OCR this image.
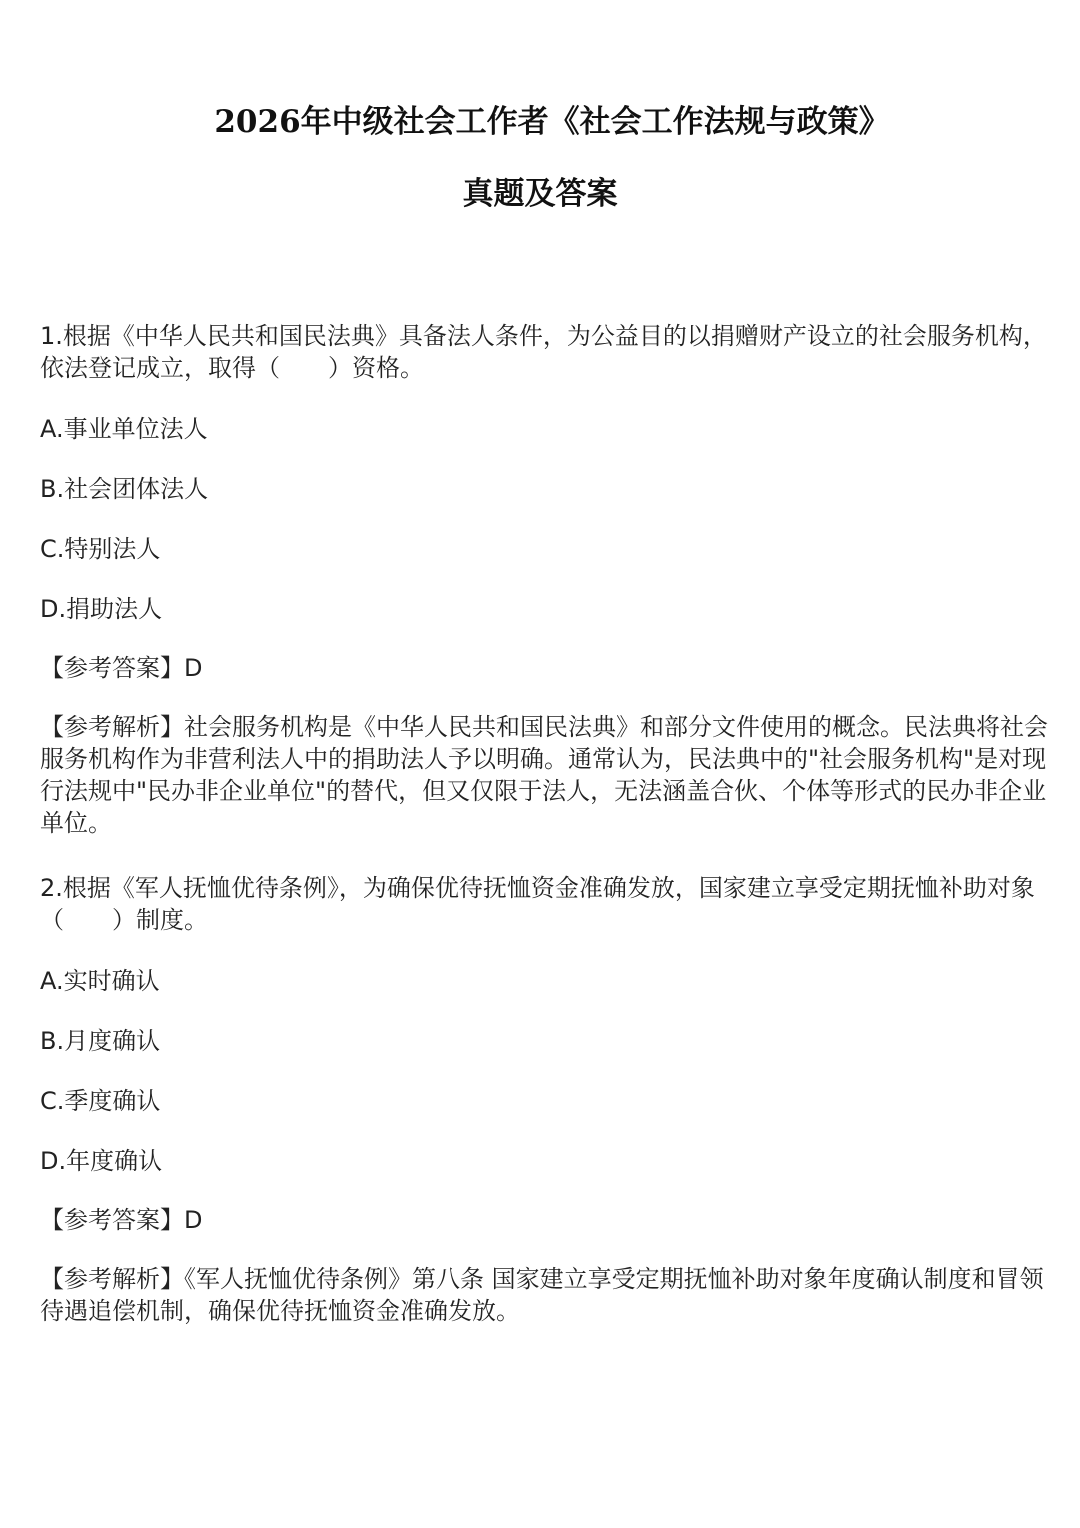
2026年中级社会工作者《社会工作法规与政策》
真题及答案

1.根据《中华人民共和国民法典》具备法人条件，为公益目的以捐赠财产设立的社会服务机构，依法登记成立，取得（　　）资格。

A.事业单位法人

B.社会团体法人

C.特别法人

D.捐助法人

【参考答案】D

【参考解析】社会服务机构是《中华人民共和国民法典》和部分文件使用的概念。民法典将社会服务机构作为非营利法人中的捐助法人予以明确。通常认为，民法典中的"社会服务机构"是对现行法规中"民办非企业单位"的替代，但又仅限于法人，无法涵盖合伙、个体等形式的民办非企业单位。

2.根据《军人抚恤优待条例》，为确保优待抚恤资金准确发放，国家建立享受定期抚恤补助对象（　　）制度。

A.实时确认

B.月度确认

C.季度确认

D.年度确认

【参考答案】D

【参考解析】《军人抚恤优待条例》第八条 国家建立享受定期抚恤补助对象年度确认制度和冒领待遇追偿机制，确保优待抚恤资金准确发放。
